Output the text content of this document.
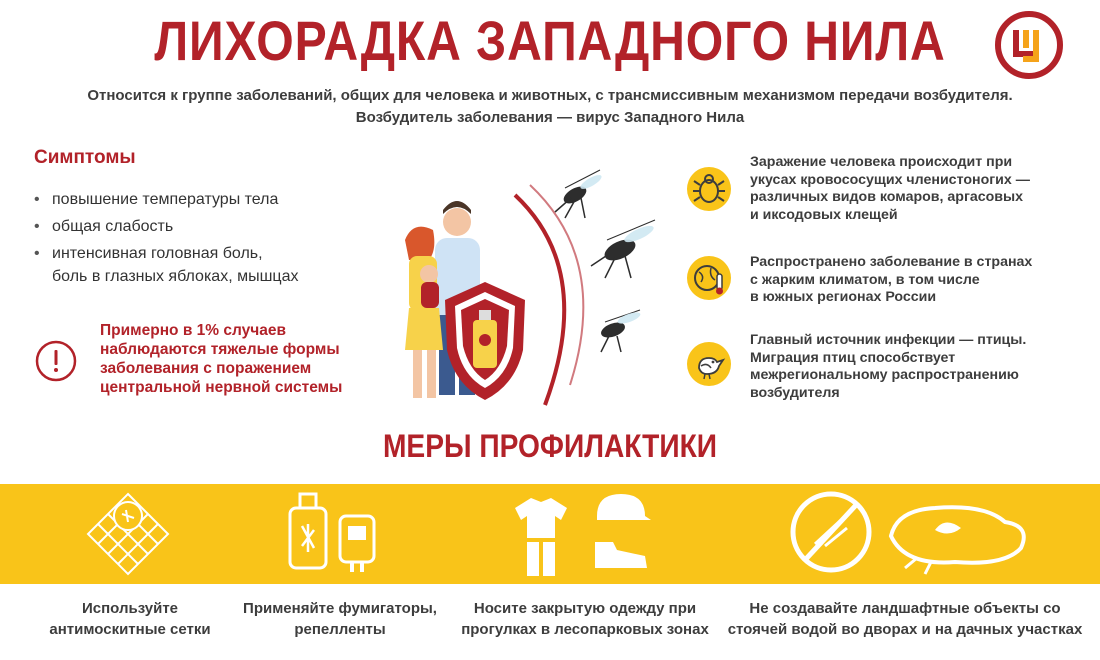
ЛИХОРАДКА ЗАПАДНОГО НИЛА
Относится к группе заболеваний, общих для человека и животных, с трансмиссивным механизмом передачи возбудителя.
Возбудитель заболевания — вирус Западного Нила
Симптомы
• повышение температуры тела
• общая слабость
• интенсивная головная боль,
боль в глазных яблоках, мышцах
Примерно в 1% случаев
наблюдаются тяжелые формы
заболевания с поражением
центральной нервной системы
Заражение человека происходит при
укусах кровососущих членистоногих —
различных видов комаров, аргасовых
и иксодовых клещей
Распространено заболевание в странах
с жарким климатом, в том числе
в южных регионах России
Главный источник инфекции — птицы.
Миграция птиц способствует
межрегиональному распространению
возбудителя
МЕРЫ ПРОФИЛАКТИКИ
Используйте
антимоскитные сетки
Применяйте фумигаторы,
репелленты
Носите закрытую одежду при
прогулках в лесопарковых зонах
Не создавайте ландшафтные объекты со
стоячей водой во дворах и на дачных участках
